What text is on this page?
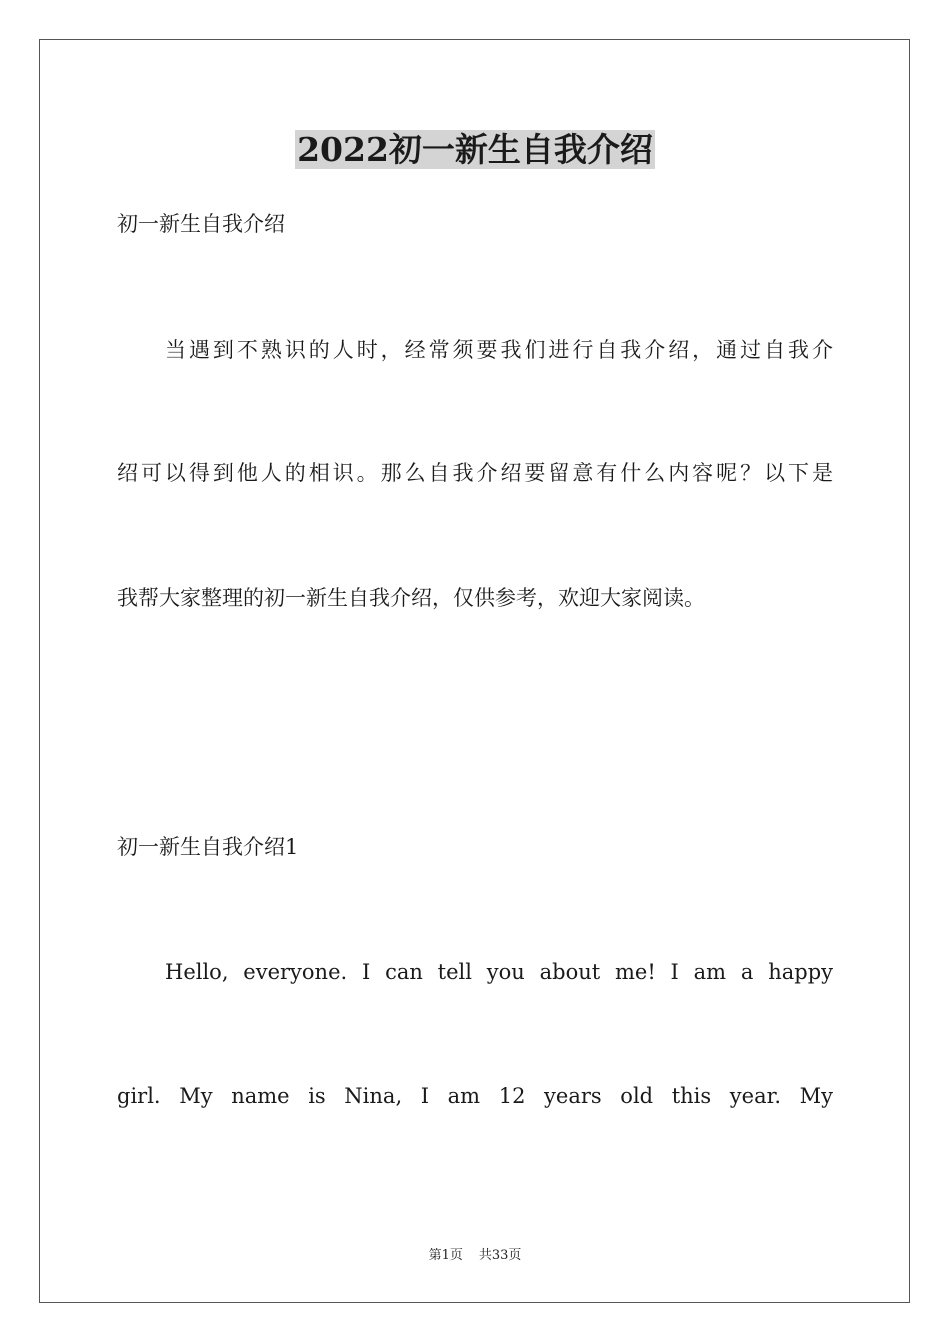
2022初一新生自我介绍
初一新生自我介绍
当遇到不熟识的人时，经常须要我们进行自我介绍，通过自我介
绍可以得到他人的相识。那么自我介绍要留意有什么内容呢？以下是
我帮大家整理的初一新生自我介绍，仅供参考，欢迎大家阅读。
初一新生自我介绍1
Hello, everyone. I can tell you about me! I am a happy
girl. My name is Nina, I am 12 years old this year. My
第1页 共33页
